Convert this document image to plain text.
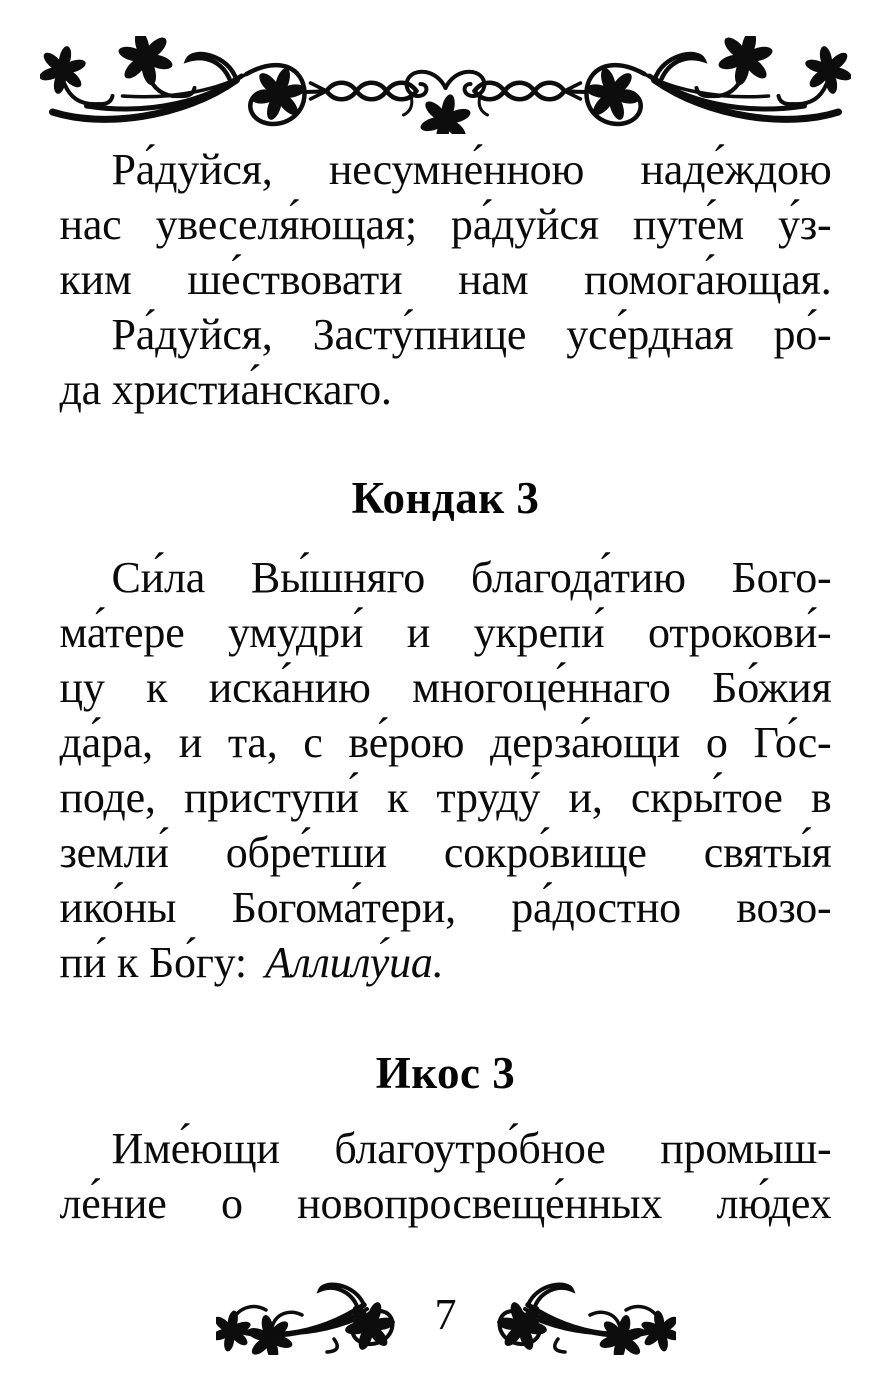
Ра́дуйся, несумне́нною наде́ждою
нас увеселя́ющая; ра́дуйся путе́м у́з-
ким ше́ствовати нам помога́ющая.
Ра́дуйся, Засту́пнице усе́рдная ро́-
да христиа́нскаго.
Кондак 3
Си́ла Вы́шняго благода́тию Бого-
ма́тере умудри́ и укрепи́ отрокови́-
цу к иска́нию многоце́ннаго Бо́жия
да́ра, и та, с ве́рою дерза́ющи о Го́с-
поде, приступи́ к труду́ и, скры́тое в
земли́ обре́тши сокро́вище святы́я
ико́ны Богома́тери, ра́достно возо-
пи́ к Бо́гу: Аллилу́иа.
Икос 3
Име́ющи благоутро́бное промыш-
ле́ние о новопросвеще́нных лю́дех
7
